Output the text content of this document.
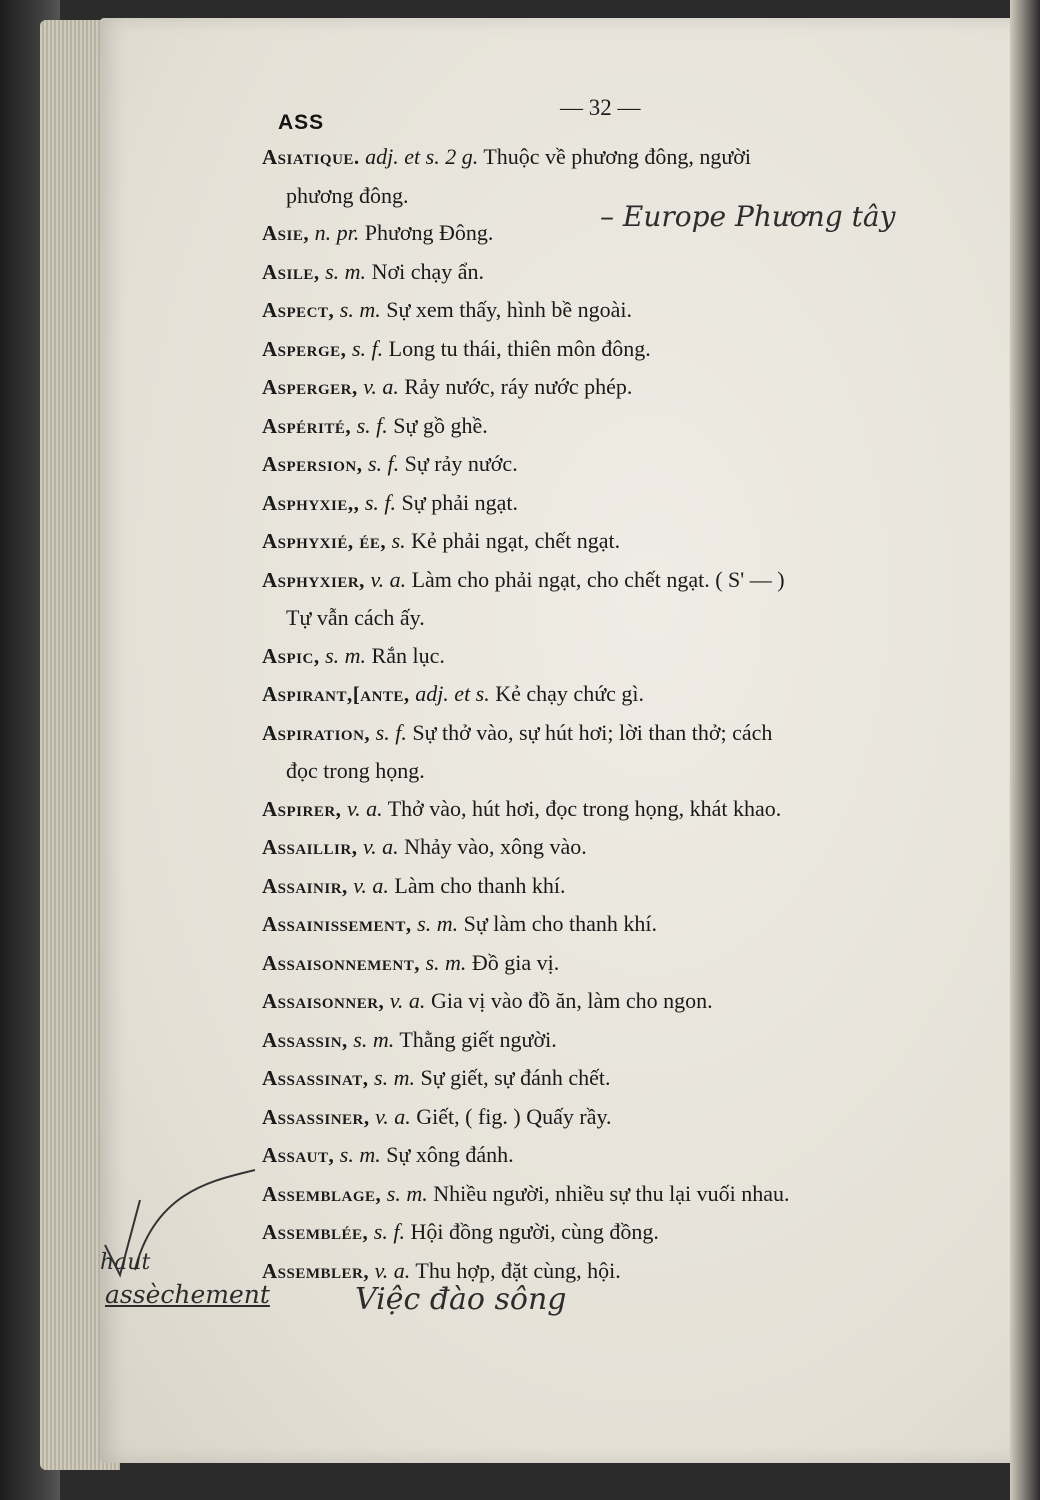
ASS
— 32 —
Asiatique. adj. et s. 2 g. Thuộc về phương đông, người
phương đông.
Asie, n. pr. Phương Đông.
Asile, s. m. Nơi chạy ẩn.
Aspect, s. m. Sự xem thấy, hình bề ngoài.
Asperge, s. f. Long tu thái, thiên môn đông.
Asperger, v. a. Rảy nước, ráy nước phép.
Aspérité, s. f. Sự gồ ghề.
Aspersion, s. f. Sự rảy nước.
Asphyxie,, s. f. Sự phải ngạt.
Asphyxié, ée, s. Kẻ phải ngạt, chết ngạt.
Asphyxier, v. a. Làm cho phải ngạt, cho chết ngạt. ( S' — )
Tự vẫn cách ấy.
Aspic, s. m. Rắn lục.
Aspirant,[ante, adj. et s. Kẻ chạy chức gì.
Aspiration, s. f. Sự thở vào, sự hút hơi; lời than thở; cách
đọc trong họng.
Aspirer, v. a. Thở vào, hút hơi, đọc trong họng, khát khao.
Assaillir, v. a. Nhảy vào, xông vào.
Assainir, v. a. Làm cho thanh khí.
Assainissement, s. m. Sự làm cho thanh khí.
Assaisonnement, s. m. Đồ gia vị.
Assaisonner, v. a. Gia vị vào đồ ăn, làm cho ngon.
Assassin, s. m. Thằng giết người.
Assassinat, s. m. Sự giết, sự đánh chết.
Assassiner, v. a. Giết, ( fig. ) Quấy rầy.
Assaut, s. m. Sự xông đánh.
Assemblage, s. m. Nhiều người, nhiều sự thu lại vuối nhau.
Assemblée, s. f. Hội đồng người, cùng đồng.
Assembler, v. a. Thu hợp, đặt cùng, hội.
– Europe Phương tây
haut
assèchement	Việc đào sông
